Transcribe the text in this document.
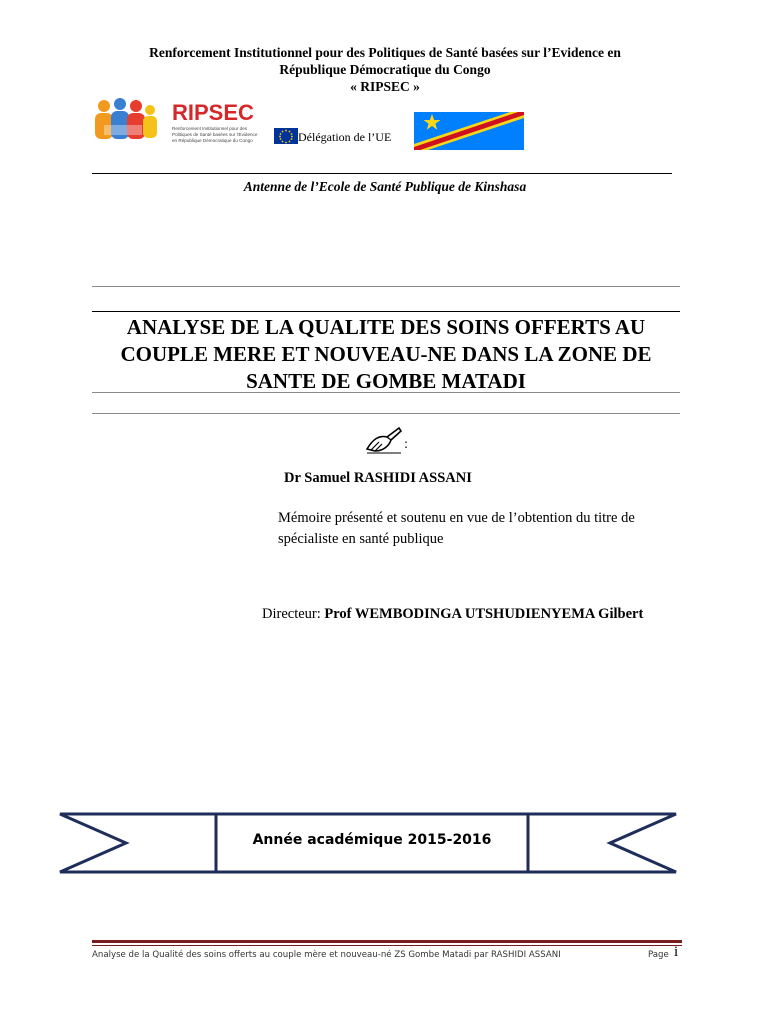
Renforcement Institutionnel pour des Politiques de Santé basées sur l’Evidence en
République Démocratique du Congo
« RIPSEC »
RIPSEC
Renforcement Institutionnel pour des
Politiques de Santé basées sur l'Evidence
en République Démocratique du Congo	Délégation de l’UE
Antenne de l’Ecole de Santé Publique de Kinshasa
ANALYSE DE LA QUALITE DES SOINS OFFERTS AU
COUPLE MERE ET NOUVEAU-NE DANS LA ZONE DE
SANTE DE GOMBE MATADI
:
Dr Samuel RASHIDI ASSANI
Mémoire présenté et soutenu en vue de l’obtention du titre de spécialiste en santé publique
Directeur: Prof WEMBODINGA UTSHUDIENYEMA Gilbert
Année académique 2015-2016
Analyse de la Qualité des soins offerts au couple mère et nouveau-né ZS Gombe Matadi par RASHIDI ASSANI	Page i
